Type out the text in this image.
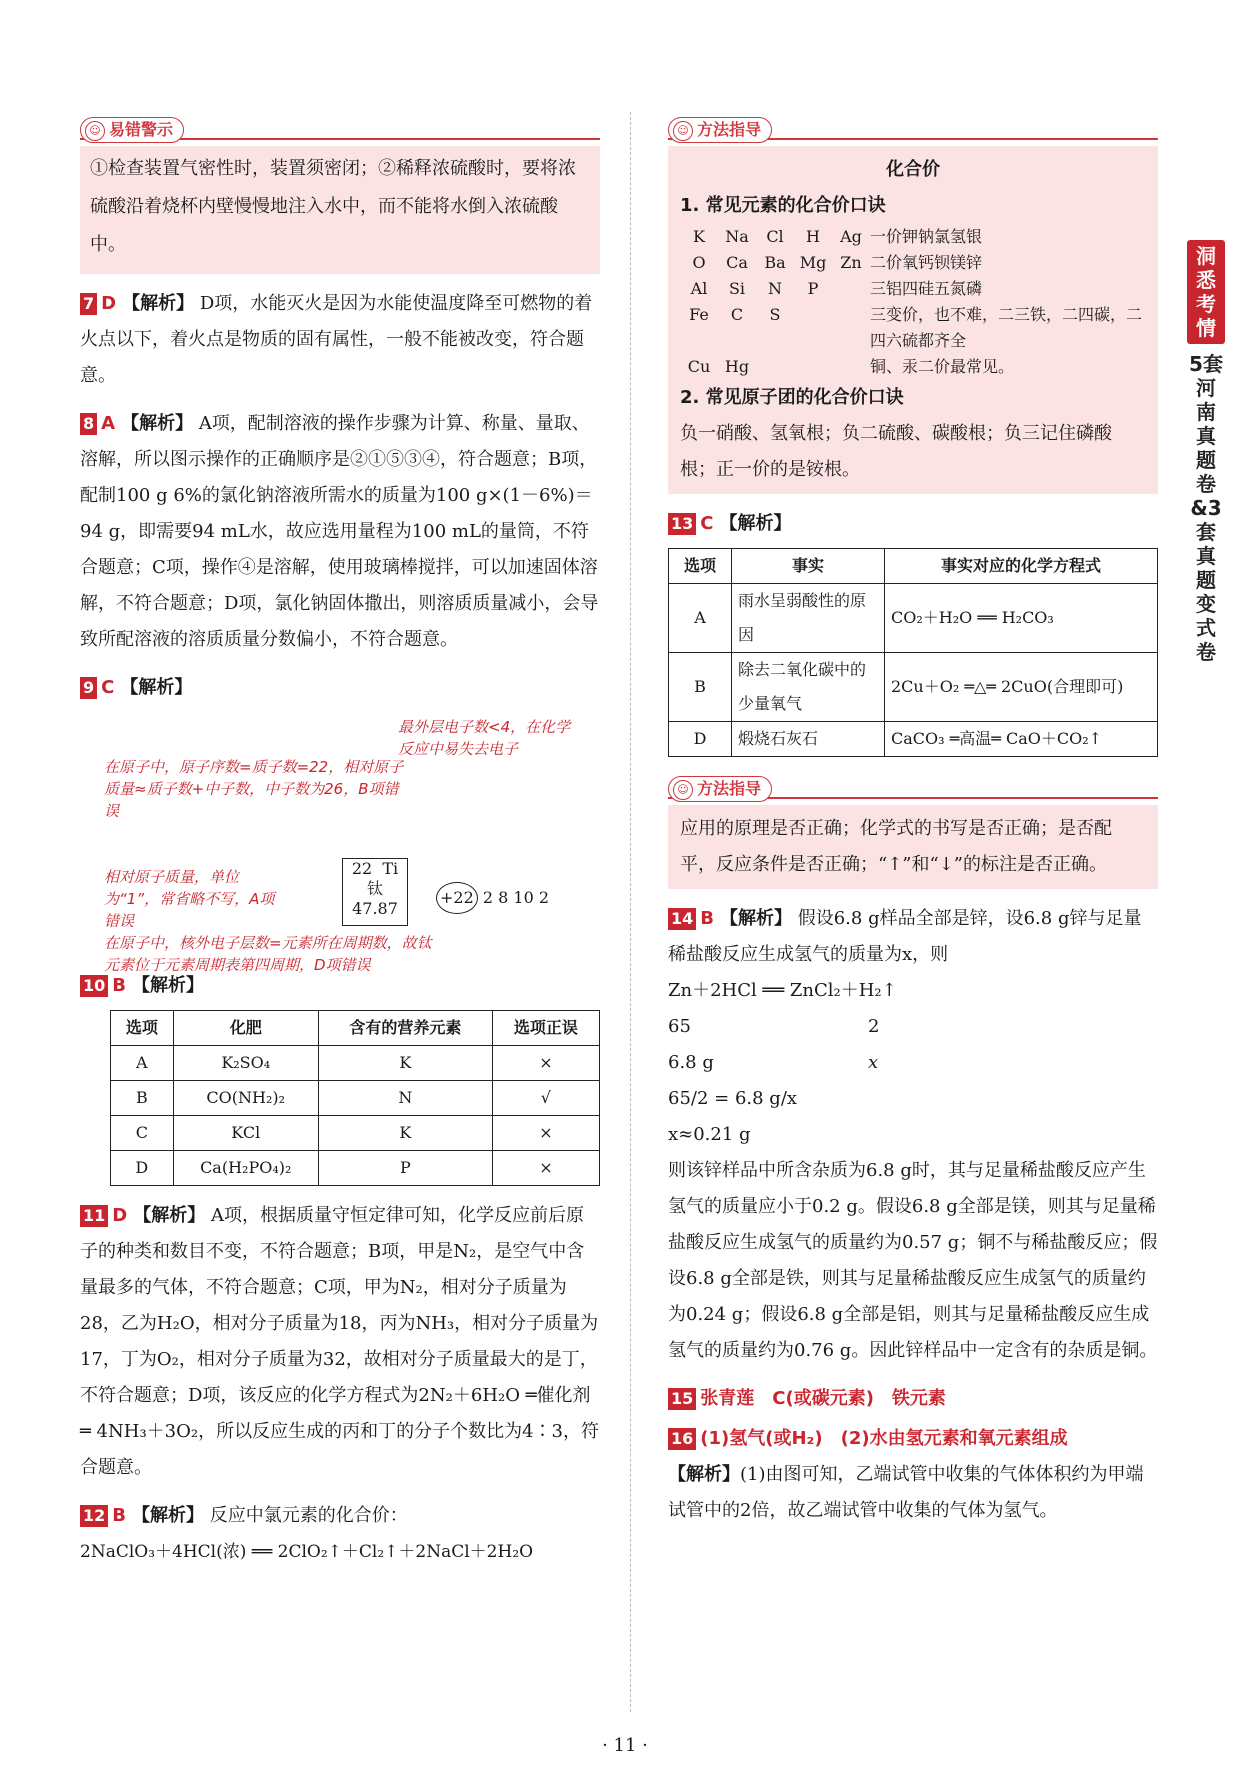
洞悉考情
5套河南真题卷&3套真题变式卷
☺ 易错警示
①检查装置气密性时，装置须密闭；②稀释浓硫酸时，要将浓硫酸沿着烧杯内壁慢慢地注入水中，而不能将水倒入浓硫酸中。
7 D 【解析】 D项，水能灭火是因为水能使温度降至可燃物的着火点以下，着火点是物质的固有属性，一般不能被改变，符合题意。
8 A 【解析】 A项，配制溶液的操作步骤为计算、称量、量取、溶解，所以图示操作的正确顺序是②①⑤③④，符合题意；B项，配制100 g 6%的氯化钠溶液所需水的质量为100 g×(1－6%)＝94 g，即需要94 mL水，故应选用量程为100 mL的量筒，不符合题意；C项，操作④是溶解，使用玻璃棒搅拌，可以加速固体溶解，不符合题意；D项，氯化钠固体撒出，则溶质质量减小，会导致所配溶液的溶质质量分数偏小，不符合题意。
9 C 【解析】
在原子中，原子序数=质子数=22，相对原子质量≈质子数+中子数，中子数为26，B项错误
最外层电子数<4，在化学反应中易失去电子
相对原子质量，单位为“1”，常省略不写，A项错误
在原子中，核外电子层数=元素所在周期数，故钛元素位于元素周期表第四周期，D项错误
22 Ti
钛
47.87
+22 2 8 10 2
10 B 【解析】
选项	化肥	含有的营养元素	选项正误
A	K₂SO₄	K	×
B	CO(NH₂)₂	N	√
C	KCl	K	×
D	Ca(H₂PO₄)₂	P	×
11 D 【解析】 A项，根据质量守恒定律可知，化学反应前后原子的种类和数目不变，不符合题意；B项，甲是N₂，是空气中含量最多的气体，不符合题意；C项，甲为N₂，相对分子质量为28，乙为H₂O，相对分子质量为18，丙为NH₃，相对分子质量为17，丁为O₂，相对分子质量为32，故相对分子质量最大的是丁，不符合题意；D项，该反应的化学方程式为2N₂＋6H₂O ═催化剂═ 4NH₃＋3O₂，所以反应生成的丙和丁的分子个数比为4∶3，符合题意。
12 B 【解析】 反应中氯元素的化合价：
2NaClO₃＋4HCl(浓) ══ 2ClO₂↑＋Cl₂↑＋2NaCl＋2H₂O
☺ 方法指导
化合价
1. 常见元素的化合价口诀
K	Na	Cl	H	Ag 一价钾钠氯氢银
O	Ca	Ba Mg Zn 二价氧钙钡镁锌
Al	Si	N	P	三铝四硅五氮磷
Fe	C	S	三变价，也不难，二三铁，二四碳，二四六硫都齐全
Cu Hg	铜、汞二价最常见。
2. 常见原子团的化合价口诀
负一硝酸、氢氧根；负二硫酸、碳酸根；负三记住磷酸根；正一价的是铵根。
13 C 【解析】
选项	事实	事实对应的化学方程式
A	雨水呈弱酸性的原因	CO₂＋H₂O ══ H₂CO₃
B	除去二氧化碳中的少量氧气	2Cu＋O₂ ═△═ 2CuO(合理即可)
D	煅烧石灰石	CaCO₃ ═高温═ CaO＋CO₂↑
☺ 方法指导
应用的原理是否正确；化学式的书写是否正确；是否配平，反应条件是否正确；“↑”和“↓”的标注是否正确。
14 B 【解析】 假设6.8 g样品全部是锌，设6.8 g锌与足量稀盐酸反应生成氢气的质量为x，则
Zn＋2HCl ══ ZnCl₂＋H₂↑
65	2
6.8 g	x
65/2 = 6.8 g/x
x≈0.21 g
则该锌样品中所含杂质为6.8 g时，其与足量稀盐酸反应产生氢气的质量应小于0.2 g。假设6.8 g全部是镁，则其与足量稀盐酸反应生成氢气的质量约为0.57 g；铜不与稀盐酸反应；假设6.8 g全部是铁，则其与足量稀盐酸反应生成氢气的质量约为0.24 g；假设6.8 g全部是铝，则其与足量稀盐酸反应生成氢气的质量约为0.76 g。因此锌样品中一定含有的杂质是铜。
15 张青莲　C(或碳元素)　铁元素
16 (1)氢气(或H₂)　(2)水由氢元素和氧元素组成
【解析】(1)由图可知，乙端试管中收集的气体体积约为甲端试管中的2倍，故乙端试管中收集的气体为氢气。
· 11 ·
